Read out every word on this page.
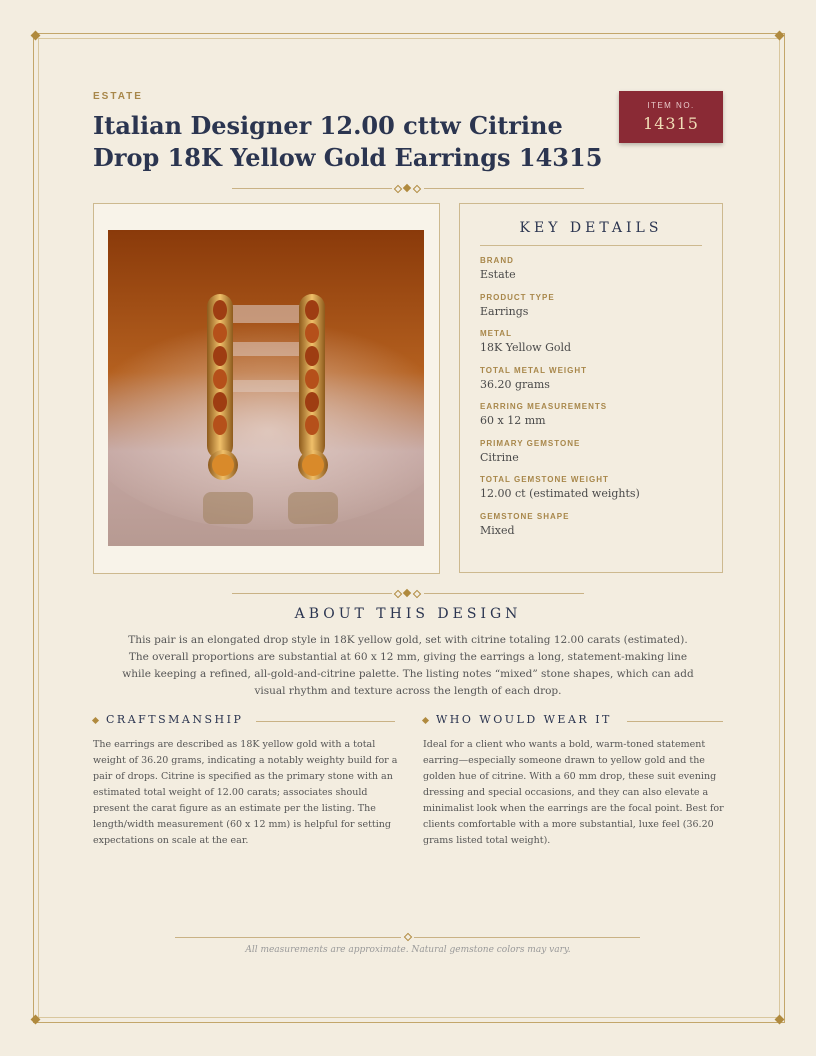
ESTATE
Italian Designer 12.00 cttw Citrine Drop 18K Yellow Gold Earrings 14315
ITEM NO.
14315
KEY DETAILS
BRAND
Estate
PRODUCT TYPE
Earrings
METAL
18K Yellow Gold
TOTAL METAL WEIGHT
36.20 grams
EARRING MEASUREMENTS
60 x 12 mm
PRIMARY GEMSTONE
Citrine
TOTAL GEMSTONE WEIGHT
12.00 ct (estimated weights)
GEMSTONE SHAPE
Mixed
ABOUT THIS DESIGN

This pair is an elongated drop style in 18K yellow gold, set with citrine totaling 12.00 carats (estimated). The overall proportions are substantial at 60 x 12 mm, giving the earrings a long, statement-making line while keeping a refined, all-gold-and-citrine palette. The listing notes “mixed” stone shapes, which can add visual rhythm and texture across the length of each drop.

CRAFTSMANSHIP

The earrings are described as 18K yellow gold with a total weight of 36.20 grams, indicating a notably weighty build for a pair of drops. Citrine is specified as the primary stone with an estimated total weight of 12.00 carats; associates should present the carat figure as an estimate per the listing. The length/width measurement (60 x 12 mm) is helpful for setting expectations on scale at the ear.

WHO WOULD WEAR IT

Ideal for a client who wants a bold, warm-toned statement earring—especially someone drawn to yellow gold and the golden hue of citrine. With a 60 mm drop, these suit evening dressing and special occasions, and they can also elevate a minimalist look when the earrings are the focal point. Best for clients comfortable with a more substantial, luxe feel (36.20 grams listed total weight).

All measurements are approximate. Natural gemstone colors may vary.
